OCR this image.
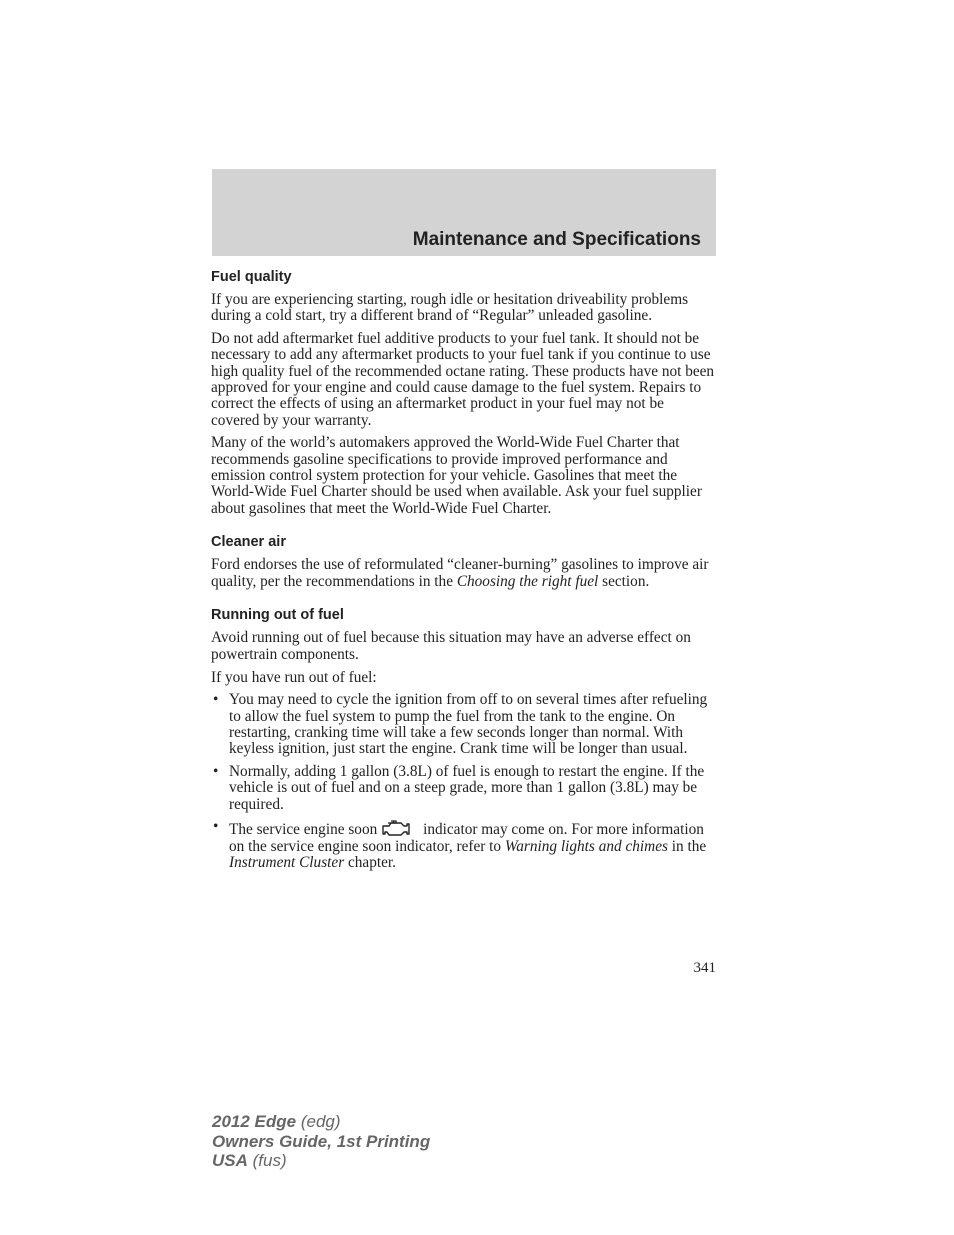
Maintenance and Specifications
Fuel quality

If you are experiencing starting, rough idle or hesitation driveability problems during a cold start, try a different brand of “Regular” unleaded gasoline.

Do not add aftermarket fuel additive products to your fuel tank. It should not be necessary to add any aftermarket products to your fuel tank if you continue to use high quality fuel of the recommended octane rating. These products have not been approved for your engine and could cause damage to the fuel system. Repairs to correct the effects of using an aftermarket product in your fuel may not be covered by your warranty.

Many of the world’s automakers approved the World-Wide Fuel Charter that recommends gasoline specifications to provide improved performance and emission control system protection for your vehicle. Gasolines that meet the World-Wide Fuel Charter should be used when available. Ask your fuel supplier about gasolines that meet the World-Wide Fuel Charter.

Cleaner air

Ford endorses the use of reformulated “cleaner-burning” gasolines to improve air quality, per the recommendations in the Choosing the right fuel section.

Running out of fuel

Avoid running out of fuel because this situation may have an adverse effect on powertrain components.

If you have run out of fuel:

• You may need to cycle the ignition from off to on several times after refueling to allow the fuel system to pump the fuel from the tank to the engine. On restarting, cranking time will take a few seconds longer than normal. With keyless ignition, just start the engine. Crank time will be longer than usual.
• Normally, adding 1 gallon (3.8L) of fuel is enough to restart the engine. If the vehicle is out of fuel and on a steep grade, more than 1 gallon (3.8L) may be required.
• The service engine soon	indicator may come on. For more information on the service engine soon indicator, refer to Warning lights and chimes in the Instrument Cluster chapter.
341
2012 Edge (edg)
Owners Guide, 1st Printing
USA (fus)
